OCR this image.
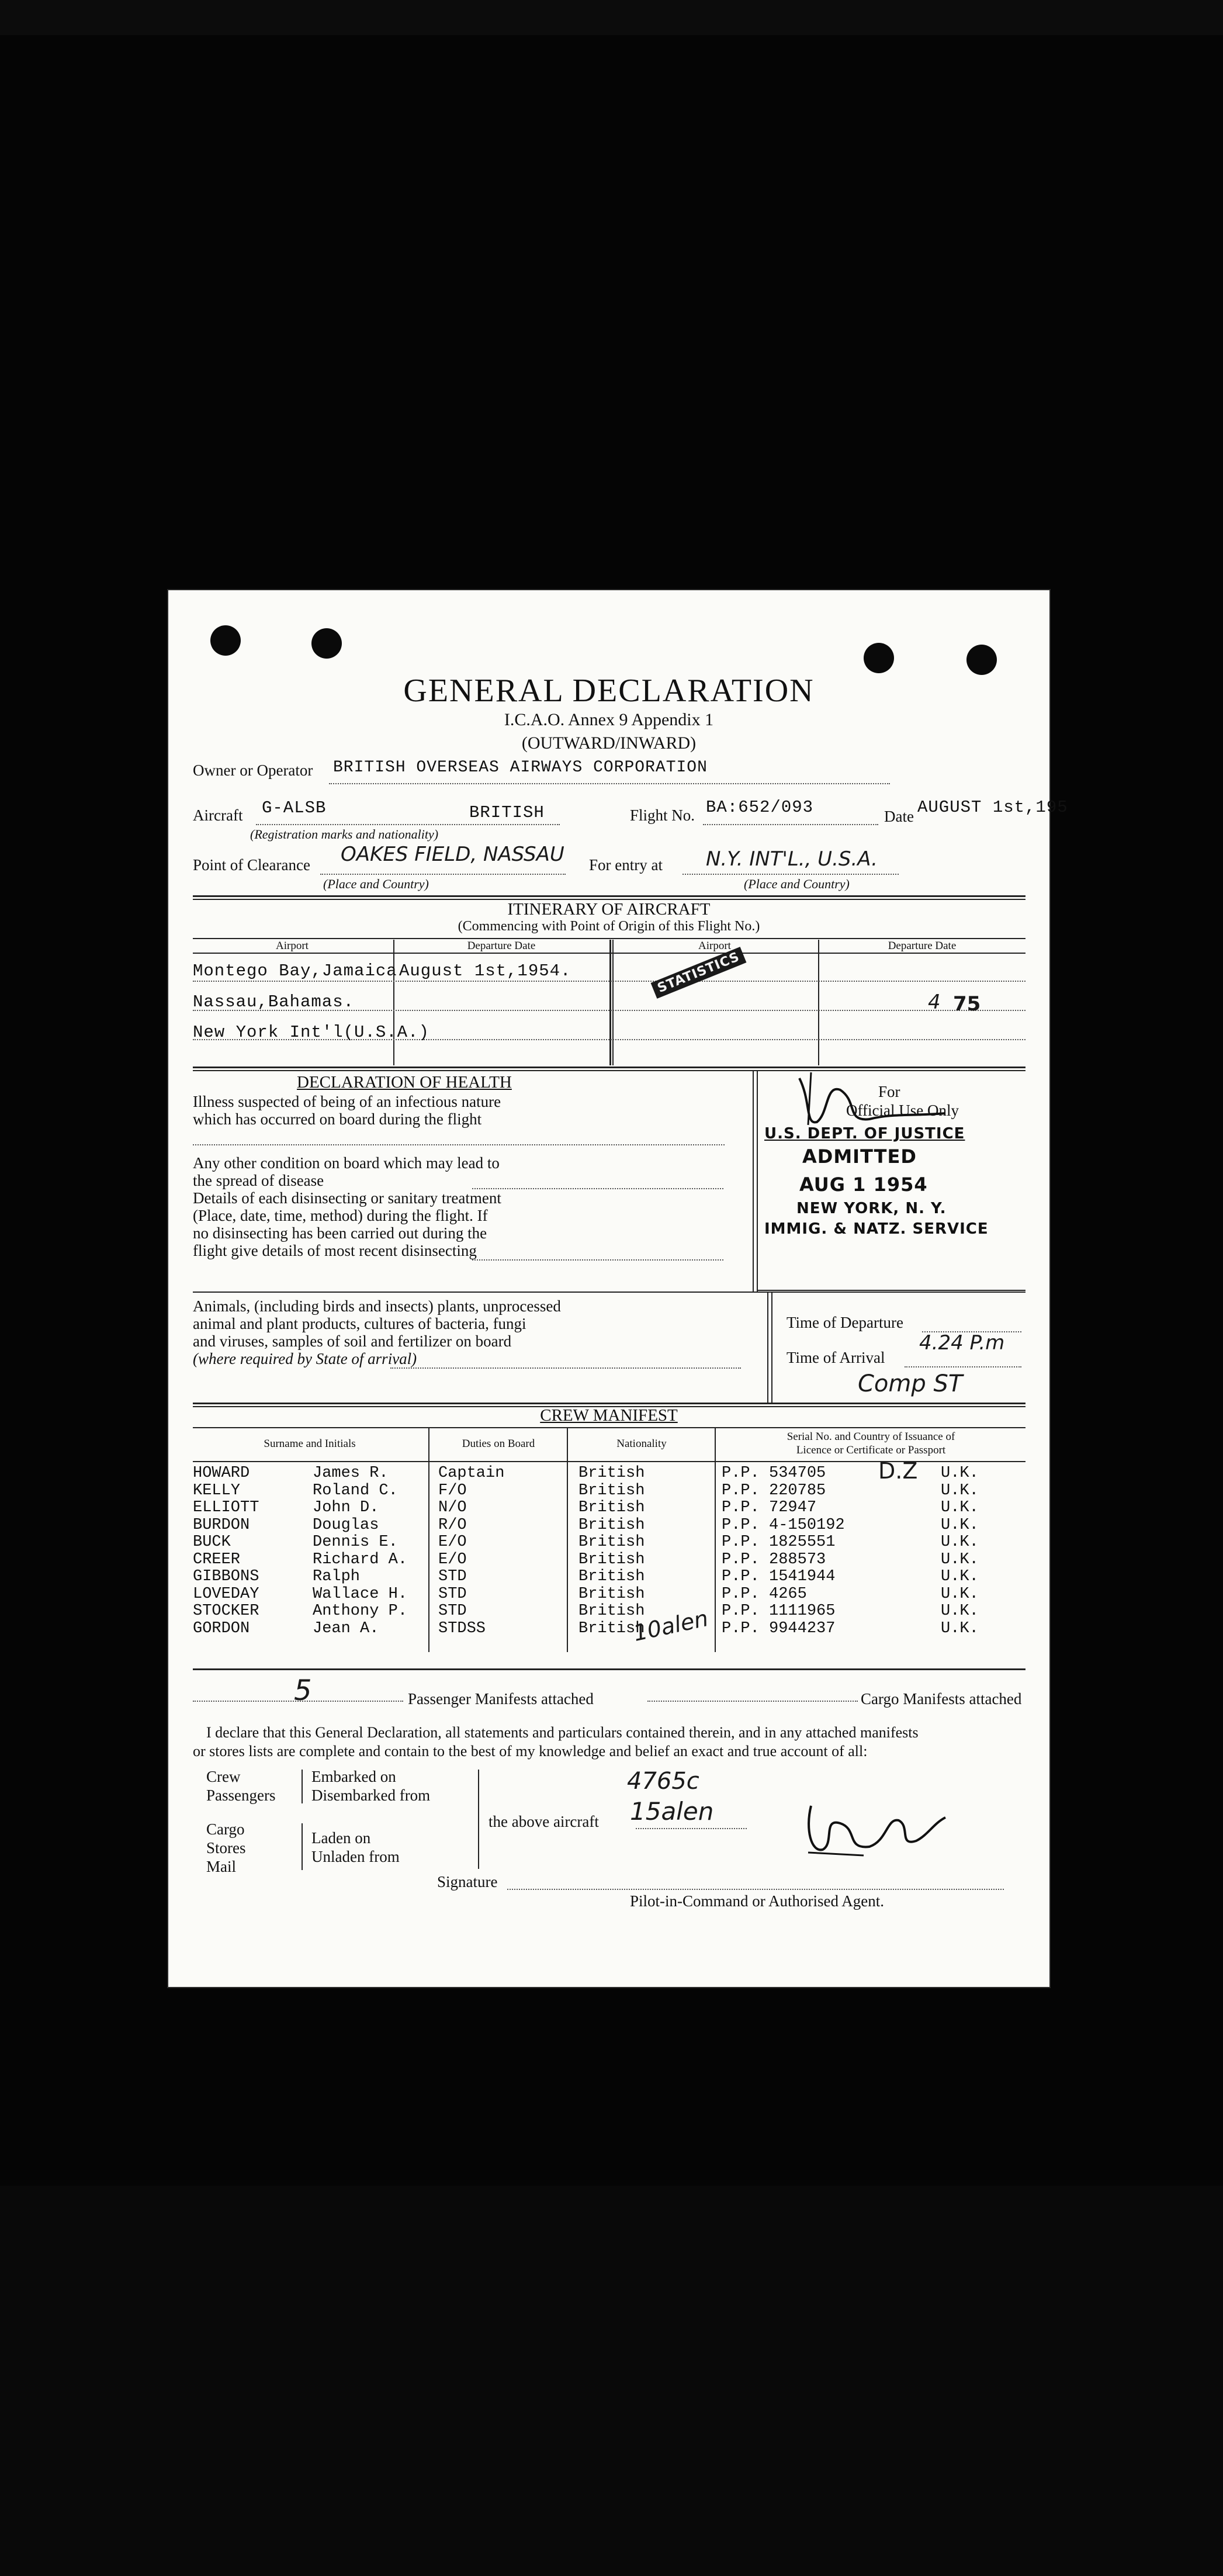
GENERAL DECLARATION
I.C.A.O. Annex 9 Appendix 1
(OUTWARD/INWARD)
Owner or Operator BRITISH OVERSEAS AIRWAYS CORPORATION
Aircraft G-ALSB	BRITISH
(Registration marks and nationality)
Flight No. BA:652/093	Date AUGUST 1st,195
Point of Clearance OAKES FIELD, NASSAU
(Place and Country)
For entry at N.Y. INT'L., U.S.A.
(Place and Country)
ITINERARY OF AIRCRAFT
(Commencing with Point of Origin of this Flight No.)
Airport	Departure Date	Airport	Departure Date
Montego Bay,Jamaica August 1st,1954.
Nassau,Bahamas.
New York Int'l(U.S.A.)
STATISTICS
4 75
DECLARATION OF HEALTH
Illness suspected of being of an infectious nature
which has occurred on board during the flight
Any other condition on board which may lead to
the spread of disease
Details of each disinsecting or sanitary treatment
(Place, date, time, method) during the flight. If
no disinsecting has been carried out during the
flight give details of most recent disinsecting
For
Official Use Only
U.S. DEPT. OF JUSTICE
ADMITTED
AUG 1 1954
NEW YORK, N. Y.
IMMIG. & NATZ. SERVICE
Animals, (including birds and insects) plants, unprocessed
animal and plant products, cultures of bacteria, fungi
and viruses, samples of soil and fertilizer on board
(where required by State of arrival)
Time of Departure
Time of Arrival
4.24 P.m
Comp ST
CREW MANIFEST
Surname and Initials	Duties on Board	Nationality
Serial No. and Country of Issuance of
Licence or Certificate or Passport
HOWARD	James R.	Captain	British	P.P. 534705	U.K.
KELLY	Roland C.	F/O	British	P.P. 220785	U.K.
ELLIOTT	John D.	N/O	British	P.P. 72947	U.K.
BURDON	Douglas	R/O	British	P.P. 4-150192	U.K.
BUCK	Dennis E.	E/O	British	P.P. 1825551	U.K.
CREER	Richard A. E/O	British	P.P. 288573	U.K.
GIBBONS	Ralph	STD	British	P.P. 1541944	U.K.
LOVEDAY	Wallace H. STD	British	P.P. 4265	U.K.
STOCKER	Anthony P. STD	British	P.P. 1111965	U.K.
GORDON	Jean A.	STDSS	British	P.P. 9944237	U.K.
D.Z
10alen
5	Passenger Manifests attached	Cargo Manifests attached
I declare that this General Declaration, all statements and particulars contained therein, and in any attached manifests
or stores lists are complete and contain to the best of my knowledge and belief an exact and true account of all:
Crew
Passengers
Embarked on
Disembarked from
Cargo
Stores
Mail
Laden on
Unladen from
the above aircraft
4765c
15alen
Signature
Pilot-in-Command or Authorised Agent.
